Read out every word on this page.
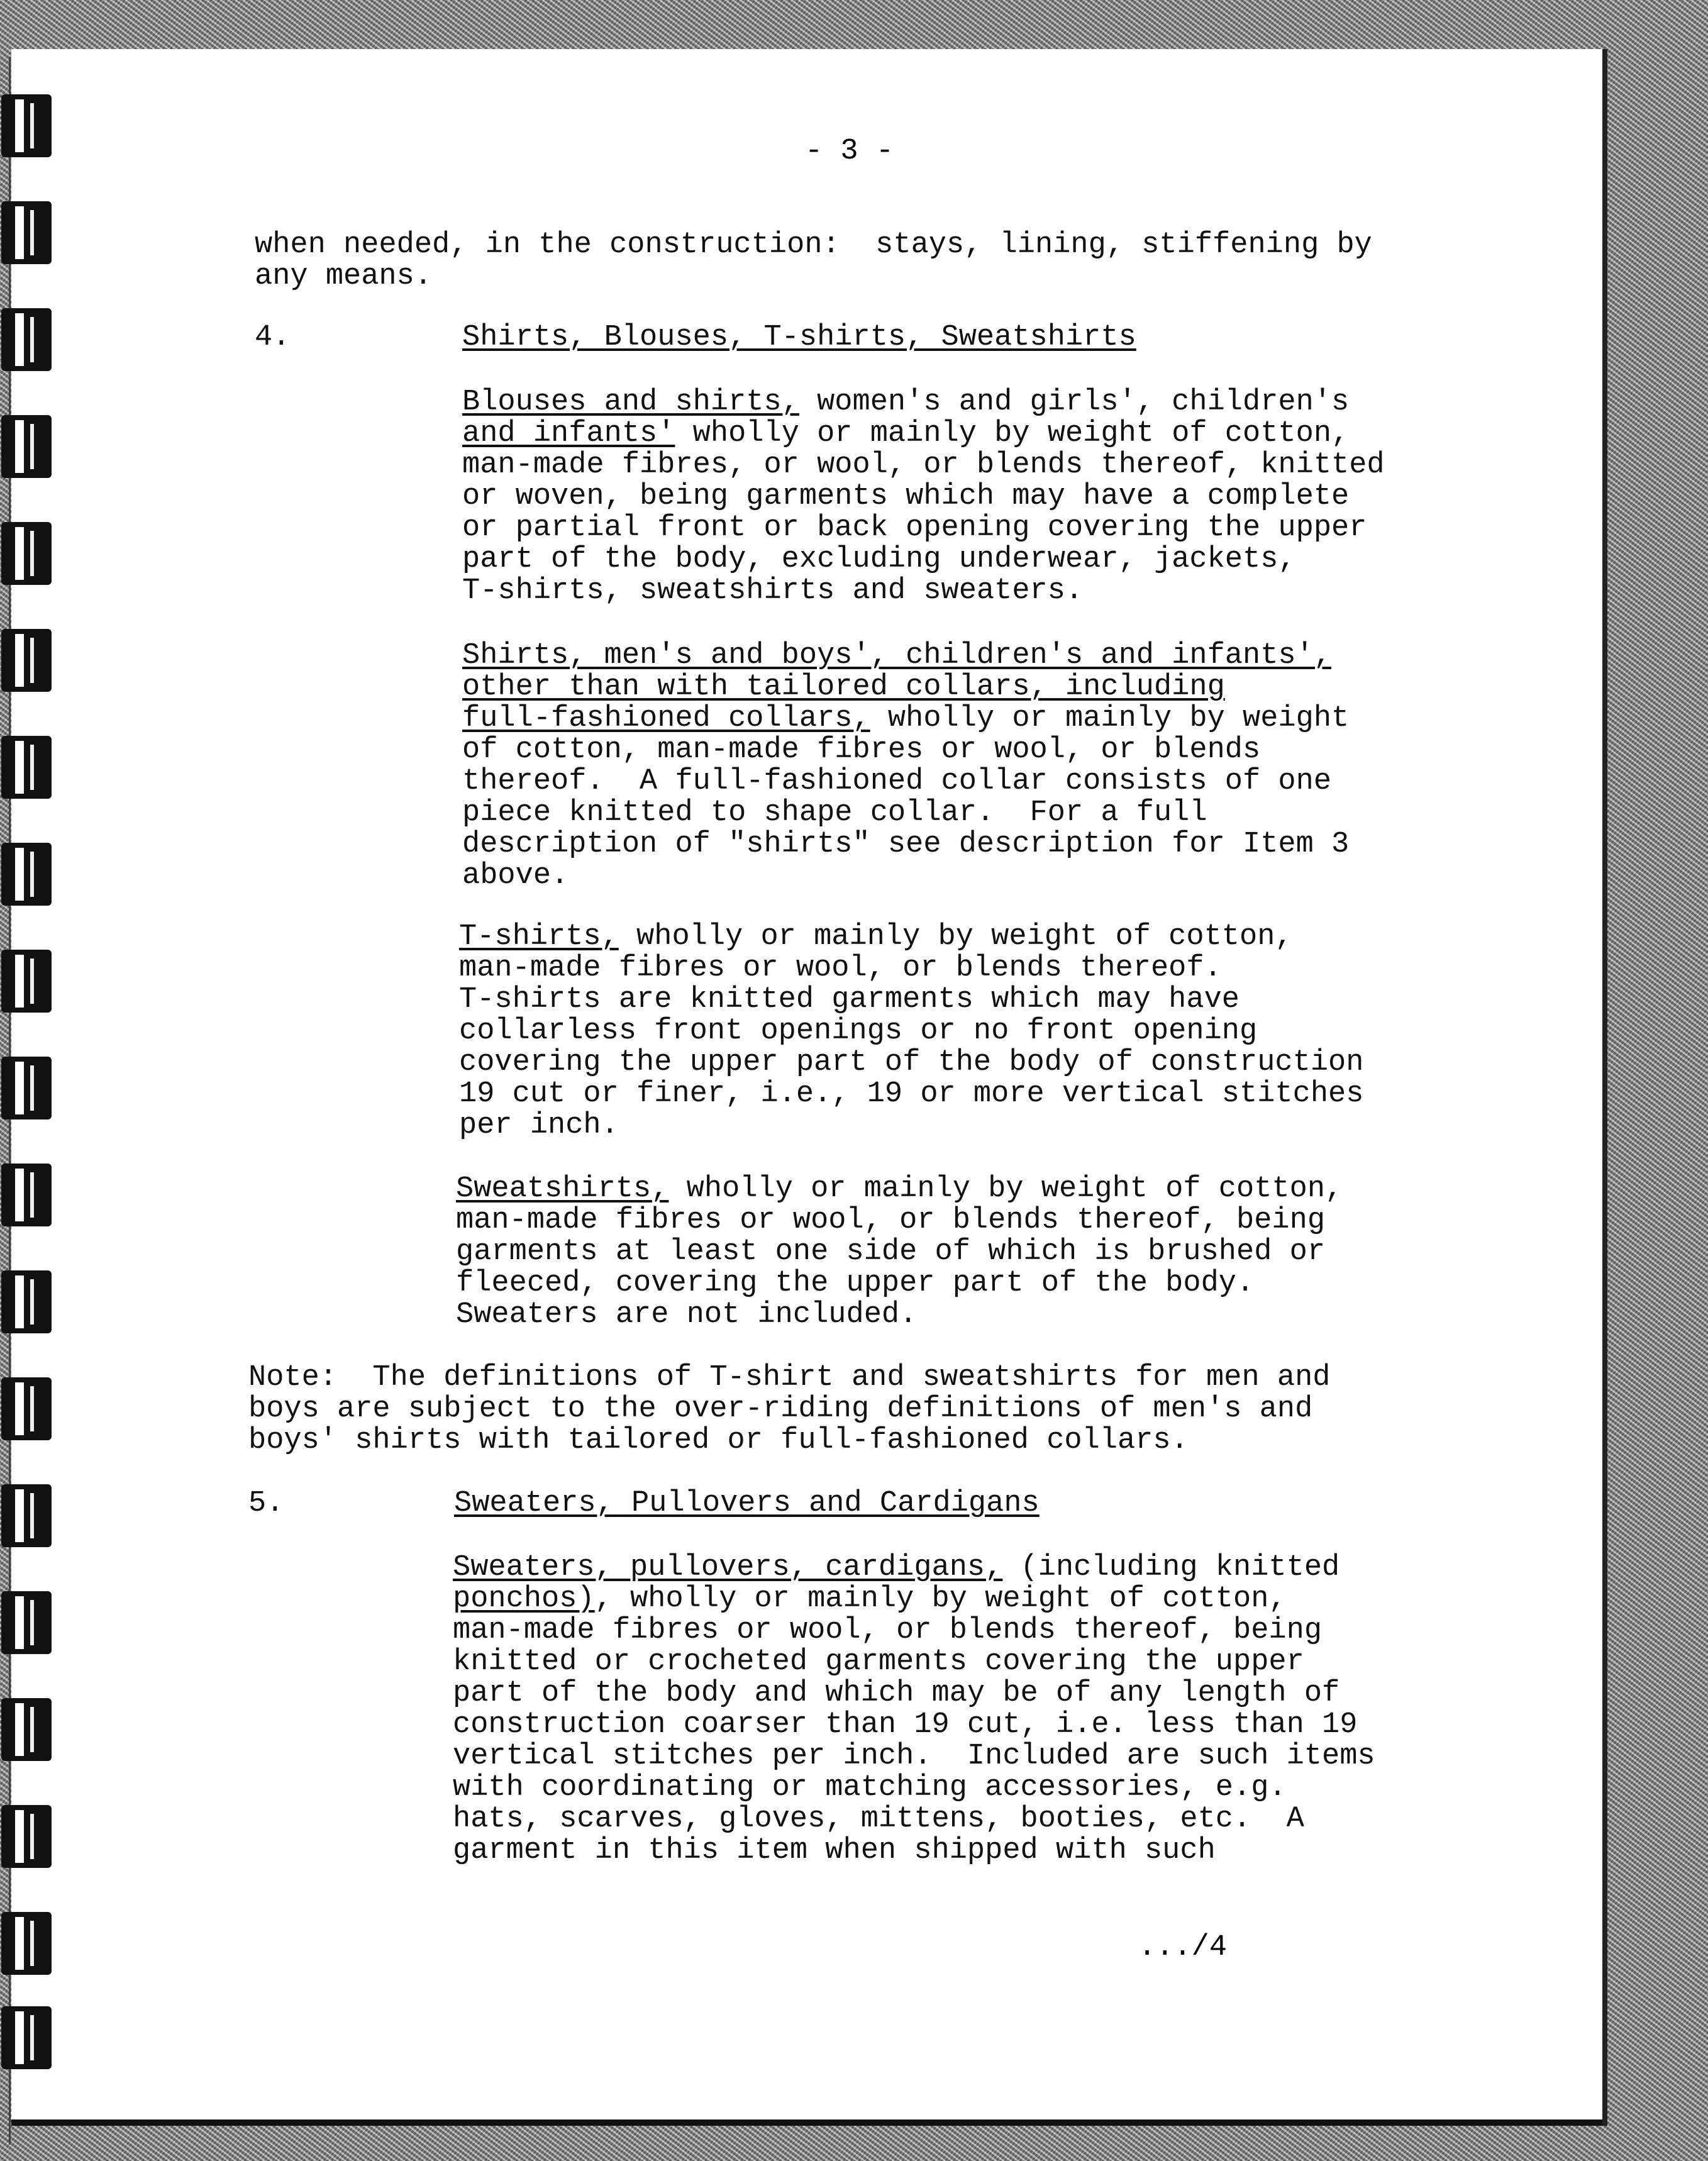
- 3 -
when needed, in the construction:  stays, lining, stiffening by
any means.
4.	Shirts, Blouses, T-shirts, Sweatshirts
Blouses and shirts, women's and girls', children's
and infants' wholly or mainly by weight of cotton,
man-made fibres, or wool, or blends thereof, knitted
or woven, being garments which may have a complete
or partial front or back opening covering the upper
part of the body, excluding underwear, jackets,
T-shirts, sweatshirts and sweaters.
Shirts, men's and boys', children's and infants',
other than with tailored collars, including
full-fashioned collars, wholly or mainly by weight
of cotton, man-made fibres or wool, or blends
thereof.  A full-fashioned collar consists of one
piece knitted to shape collar.  For a full
description of "shirts" see description for Item 3
above.
T-shirts, wholly or mainly by weight of cotton,
man-made fibres or wool, or blends thereof.
T-shirts are knitted garments which may have
collarless front openings or no front opening
covering the upper part of the body of construction
19 cut or finer, i.e., 19 or more vertical stitches
per inch.
Sweatshirts, wholly or mainly by weight of cotton,
man-made fibres or wool, or blends thereof, being
garments at least one side of which is brushed or
fleeced, covering the upper part of the body.
Sweaters are not included.
Note:  The definitions of T-shirt and sweatshirts for men and
boys are subject to the over-riding definitions of men's and
boys' shirts with tailored or full-fashioned collars.
5.	Sweaters, Pullovers and Cardigans
Sweaters, pullovers, cardigans, (including knitted
ponchos), wholly or mainly by weight of cotton,
man-made fibres or wool, or blends thereof, being
knitted or crocheted garments covering the upper
part of the body and which may be of any length of
construction coarser than 19 cut, i.e. less than 19
vertical stitches per inch.  Included are such items
with coordinating or matching accessories, e.g.
hats, scarves, gloves, mittens, booties, etc.  A
garment in this item when shipped with such
.../4
